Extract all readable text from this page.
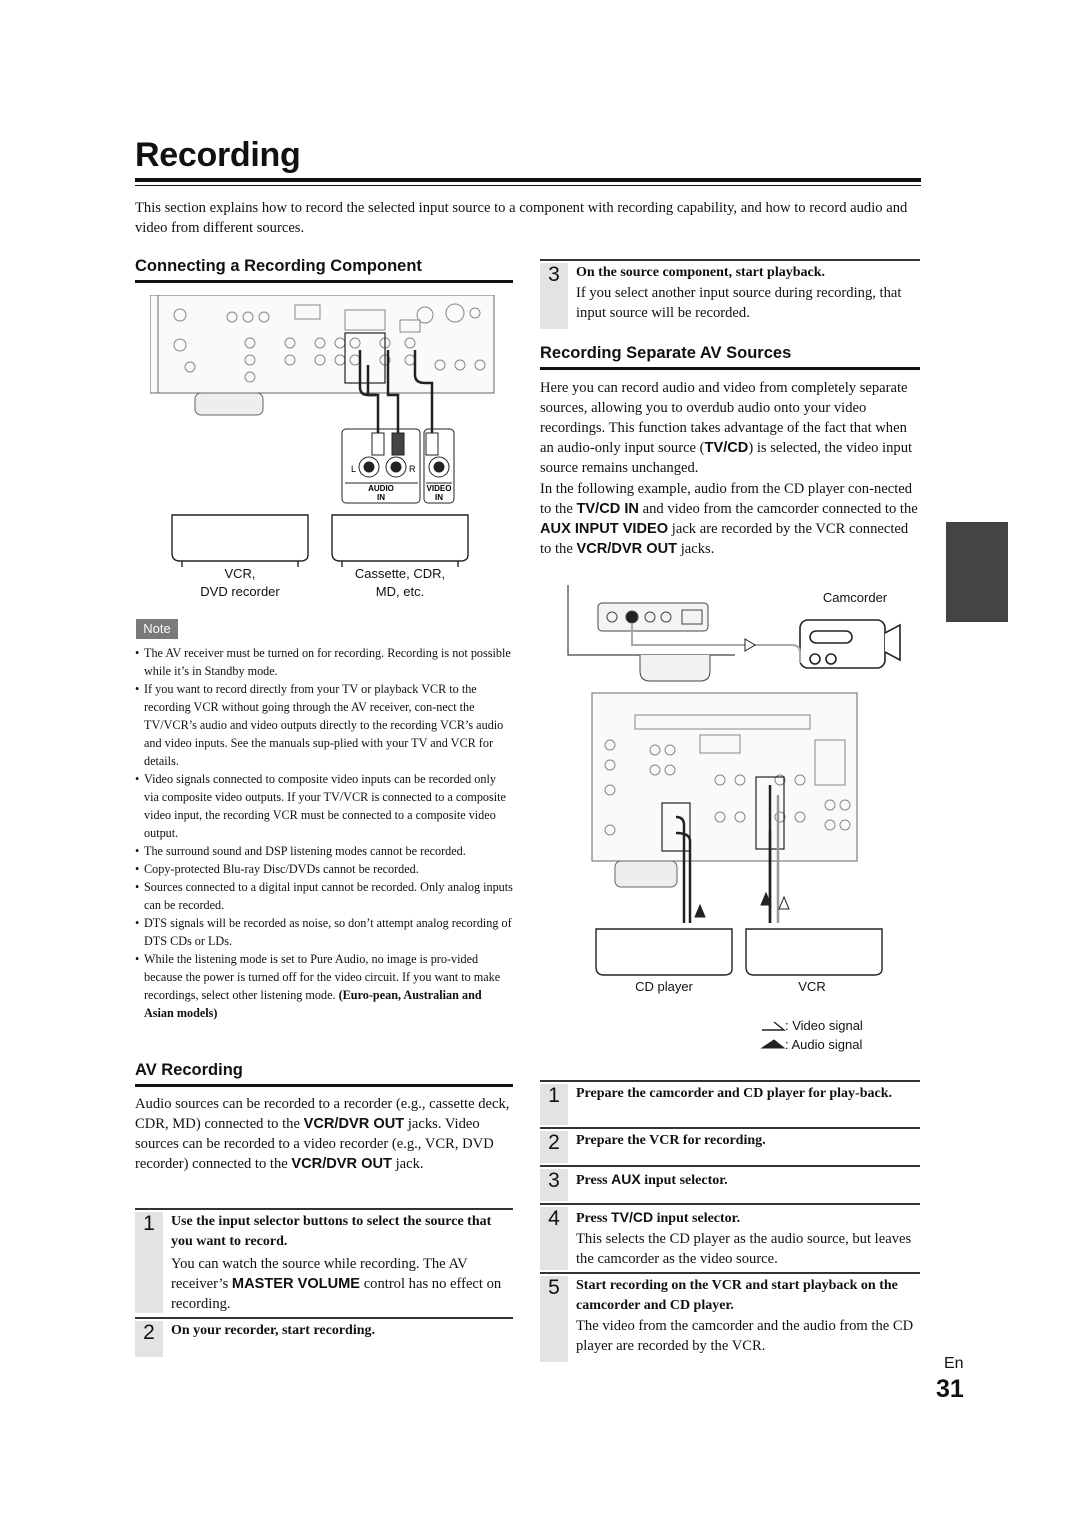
Recording
This section explains how to record the selected input source to a component with recording capability, and how to record audio and video from different sources.
Connecting a Recording Component
L	R
AUDIO
IN
VIDEO
IN
VCR,
DVD recorder
Cassette, CDR,
MD, etc.
Note
• The AV receiver must be turned on for recording. Recording is not possible while it’s in Standby mode.
• If you want to record directly from your TV or playback VCR to the recording VCR without going through the AV receiver, con-nect the TV/VCR’s audio and video outputs directly to the recording VCR’s audio and video inputs. See the manuals sup-plied with your TV and VCR for details.
• Video signals connected to composite video inputs can be recorded only via composite video outputs. If your TV/VCR is connected to a composite video input, the recording VCR must be connected to a composite video output.
• The surround sound and DSP listening modes cannot be recorded.
• Copy-protected Blu-ray Disc/DVDs cannot be recorded.
• Sources connected to a digital input cannot be recorded. Only analog inputs can be recorded.
• DTS signals will be recorded as noise, so don’t attempt analog recording of DTS CDs or LDs.
• While the listening mode is set to Pure Audio, no image is pro-vided because the power is turned off for the video circuit. If you want to make recordings, select other listening mode. (Euro-pean, Australian and Asian models)
AV Recording
Audio sources can be recorded to a recorder (e.g., cassette deck, CDR, MD) connected to the VCR/DVR OUT jacks. Video sources can be recorded to a video recorder (e.g., VCR, DVD recorder) connected to the VCR/DVR OUT jack.
1	Use the input selector buttons to select the source that you want to record.
You can watch the source while recording. The AV receiver’s MASTER VOLUME control has no effect on recording.
2	On your recorder, start recording.
3	On the source component, start playback.
If you select another input source during recording, that input source will be recorded.
Recording Separate AV Sources
Here you can record audio and video from completely separate sources, allowing you to overdub audio onto your video recordings. This function takes advantage of the fact that when an audio-only input source (TV/CD) is selected, the video input source remains unchanged.
In the following example, audio from the CD player con-nected to the TV/CD IN and video from the camcorder connected to the AUX INPUT VIDEO jack are recorded by the VCR connected to the VCR/DVR OUT jacks.
Camcorder
CD player	VCR
: Video signal
: Audio signal
1	Prepare the camcorder and CD player for play-back.
2	Prepare the VCR for recording.
3	Press AUX input selector.
4	Press TV/CD input selector.
This selects the CD player as the audio source, but leaves the camcorder as the video source.
5	Start recording on the VCR and start playback on the camcorder and CD player.
The video from the camcorder and the audio from the CD player are recorded by the VCR.
En
31
